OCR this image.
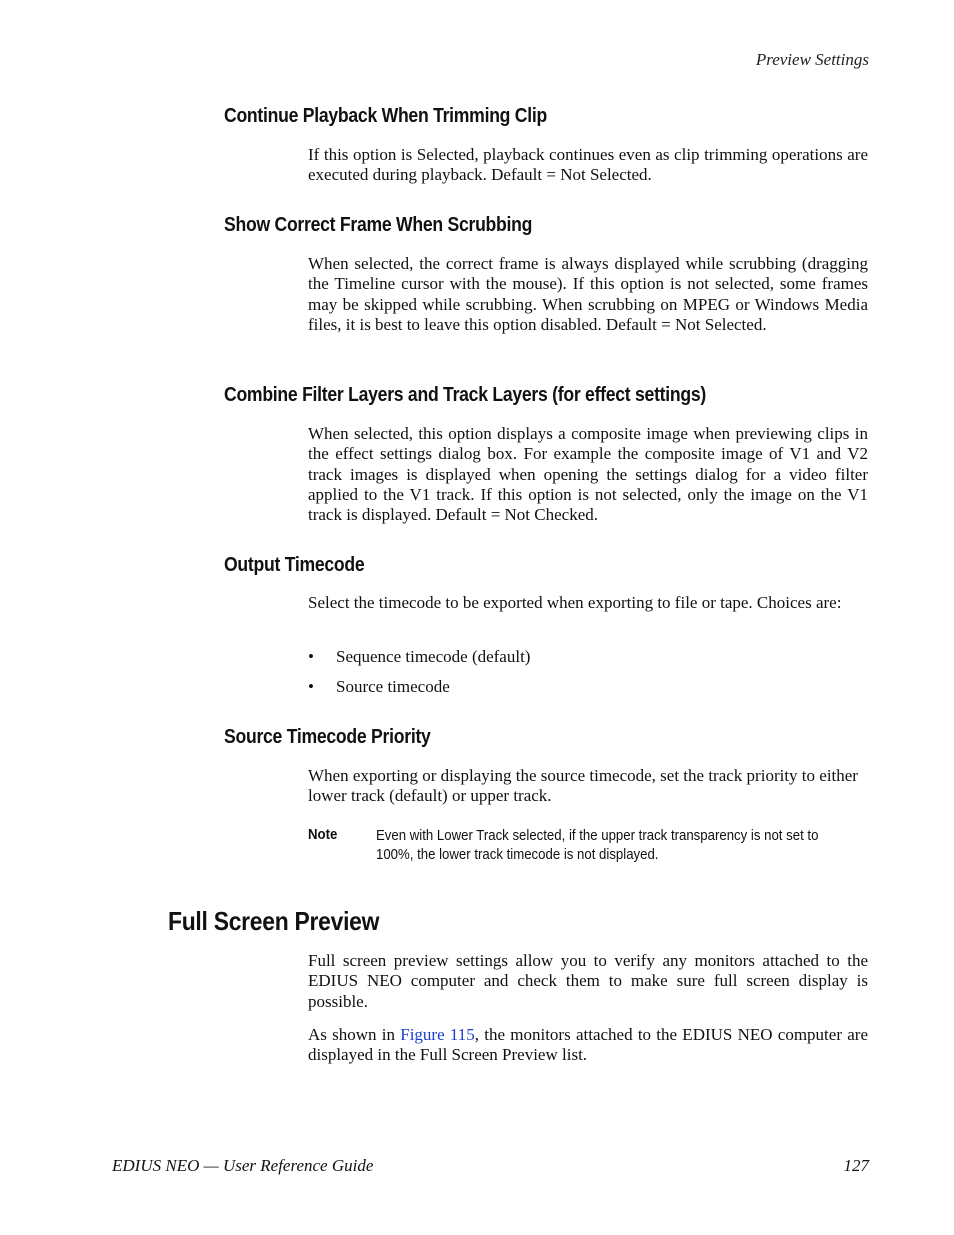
Preview Settings
Continue Playback When Trimming Clip

If this option is Selected, playback continues even as clip trimming operations are executed during playback. Default = Not Selected.

Show Correct Frame When Scrubbing

When selected, the correct frame is always displayed while scrubbing (dragging the Timeline cursor with the mouse). If this option is not selected, some frames may be skipped while scrubbing. When scrubbing on MPEG or Windows Media files, it is best to leave this option disabled. Default = Not Selected.

Combine Filter Layers and Track Layers (for effect settings)

When selected, this option displays a composite image when previewing clips in the effect settings dialog box. For example the composite image of V1 and V2 track images is displayed when opening the settings dialog for a video filter applied to the V1 track. If this option is not selected, only the image on the V1 track is displayed. Default = Not Checked.

Output Timecode

Select the timecode to be exported when exporting to file or tape. Choices are:

• Sequence timecode (default)
• Source timecode
Source Timecode Priority

When exporting or displaying the source timecode, set the track priority to either lower track (default) or upper track.

Note	Even with Lower Track selected, if the upper track transparency is not set to 100%, the lower track timecode is not displayed.

Full Screen Preview

Full screen preview settings allow you to verify any monitors attached to the EDIUS NEO computer and check them to make sure full screen display is possible.

As shown in Figure 115, the monitors attached to the EDIUS NEO computer are displayed in the Full Screen Preview list.

EDIUS NEO — User Reference Guide	127
